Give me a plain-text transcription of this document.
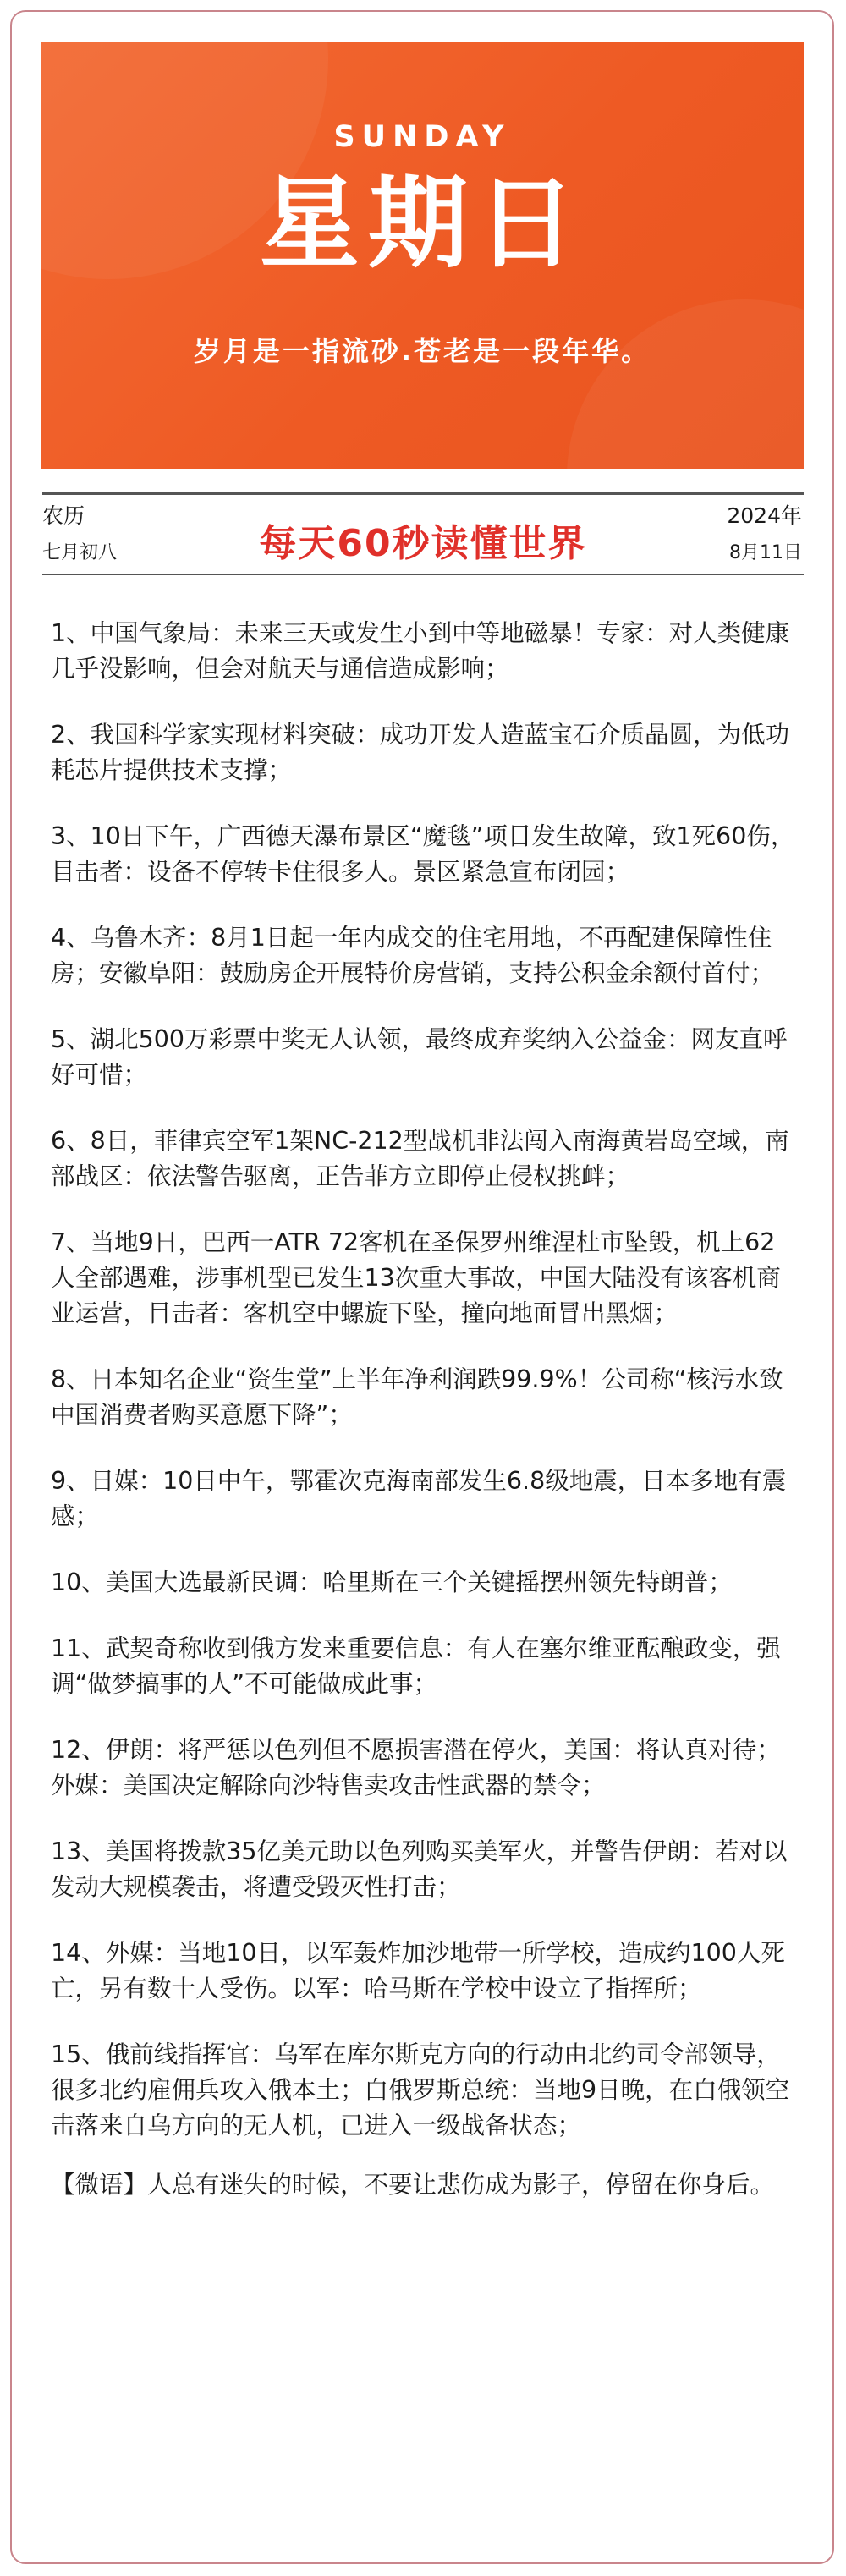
SUNDAY
星期日
岁月是一指流砂.苍老是一段年华。
农历
七月初八	每天60秒读懂世界
2024年
8月11日

1、中国气象局：未来三天或发生小到中等地磁暴！专家：对人类健康几乎没影响，但会对航天与通信造成影响；

2、我国科学家实现材料突破：成功开发人造蓝宝石介质晶圆，为低功耗芯片提供技术支撑；

3、10日下午，广西德天瀑布景区“魔毯”项目发生故障，致1死60伤，目击者：设备不停转卡住很多人。景区紧急宣布闭园；

4、乌鲁木齐：8月1日起一年内成交的住宅用地，不再配建保障性住房；安徽阜阳：鼓励房企开展特价房营销，支持公积金余额付首付；

5、湖北500万彩票中奖无人认领，最终成弃奖纳入公益金：网友直呼好可惜；

6、8日，菲律宾空军1架NC-212型战机非法闯入南海黄岩岛空域，南部战区：依法警告驱离，正告菲方立即停止侵权挑衅；

7、当地9日，巴西一ATR 72客机在圣保罗州维涅杜市坠毁，机上62人全部遇难，涉事机型已发生13次重大事故，中国大陆没有该客机商业运营，目击者：客机空中螺旋下坠，撞向地面冒出黑烟；

8、日本知名企业“资生堂”上半年净利润跌99.9%！公司称“核污水致中国消费者购买意愿下降”；

9、日媒：10日中午，鄂霍次克海南部发生6.8级地震，日本多地有震感；

10、美国大选最新民调：哈里斯在三个关键摇摆州领先特朗普；

11、武契奇称收到俄方发来重要信息：有人在塞尔维亚酝酿政变，强调“做梦搞事的人”不可能做成此事；

12、伊朗：将严惩以色列但不愿损害潜在停火，美国：将认真对待；外媒：美国决定解除向沙特售卖攻击性武器的禁令；

13、美国将拨款35亿美元助以色列购买美军火，并警告伊朗：若对以发动大规模袭击，将遭受毁灭性打击；

14、外媒：当地10日，以军轰炸加沙地带一所学校，造成约100人死亡，另有数十人受伤。以军：哈马斯在学校中设立了指挥所；

15、俄前线指挥官：乌军在库尔斯克方向的行动由北约司令部领导，很多北约雇佣兵攻入俄本土；白俄罗斯总统：当地9日晚，在白俄领空击落来自乌方向的无人机，已进入一级战备状态；

【微语】人总有迷失的时候，不要让悲伤成为影子，停留在你身后。
